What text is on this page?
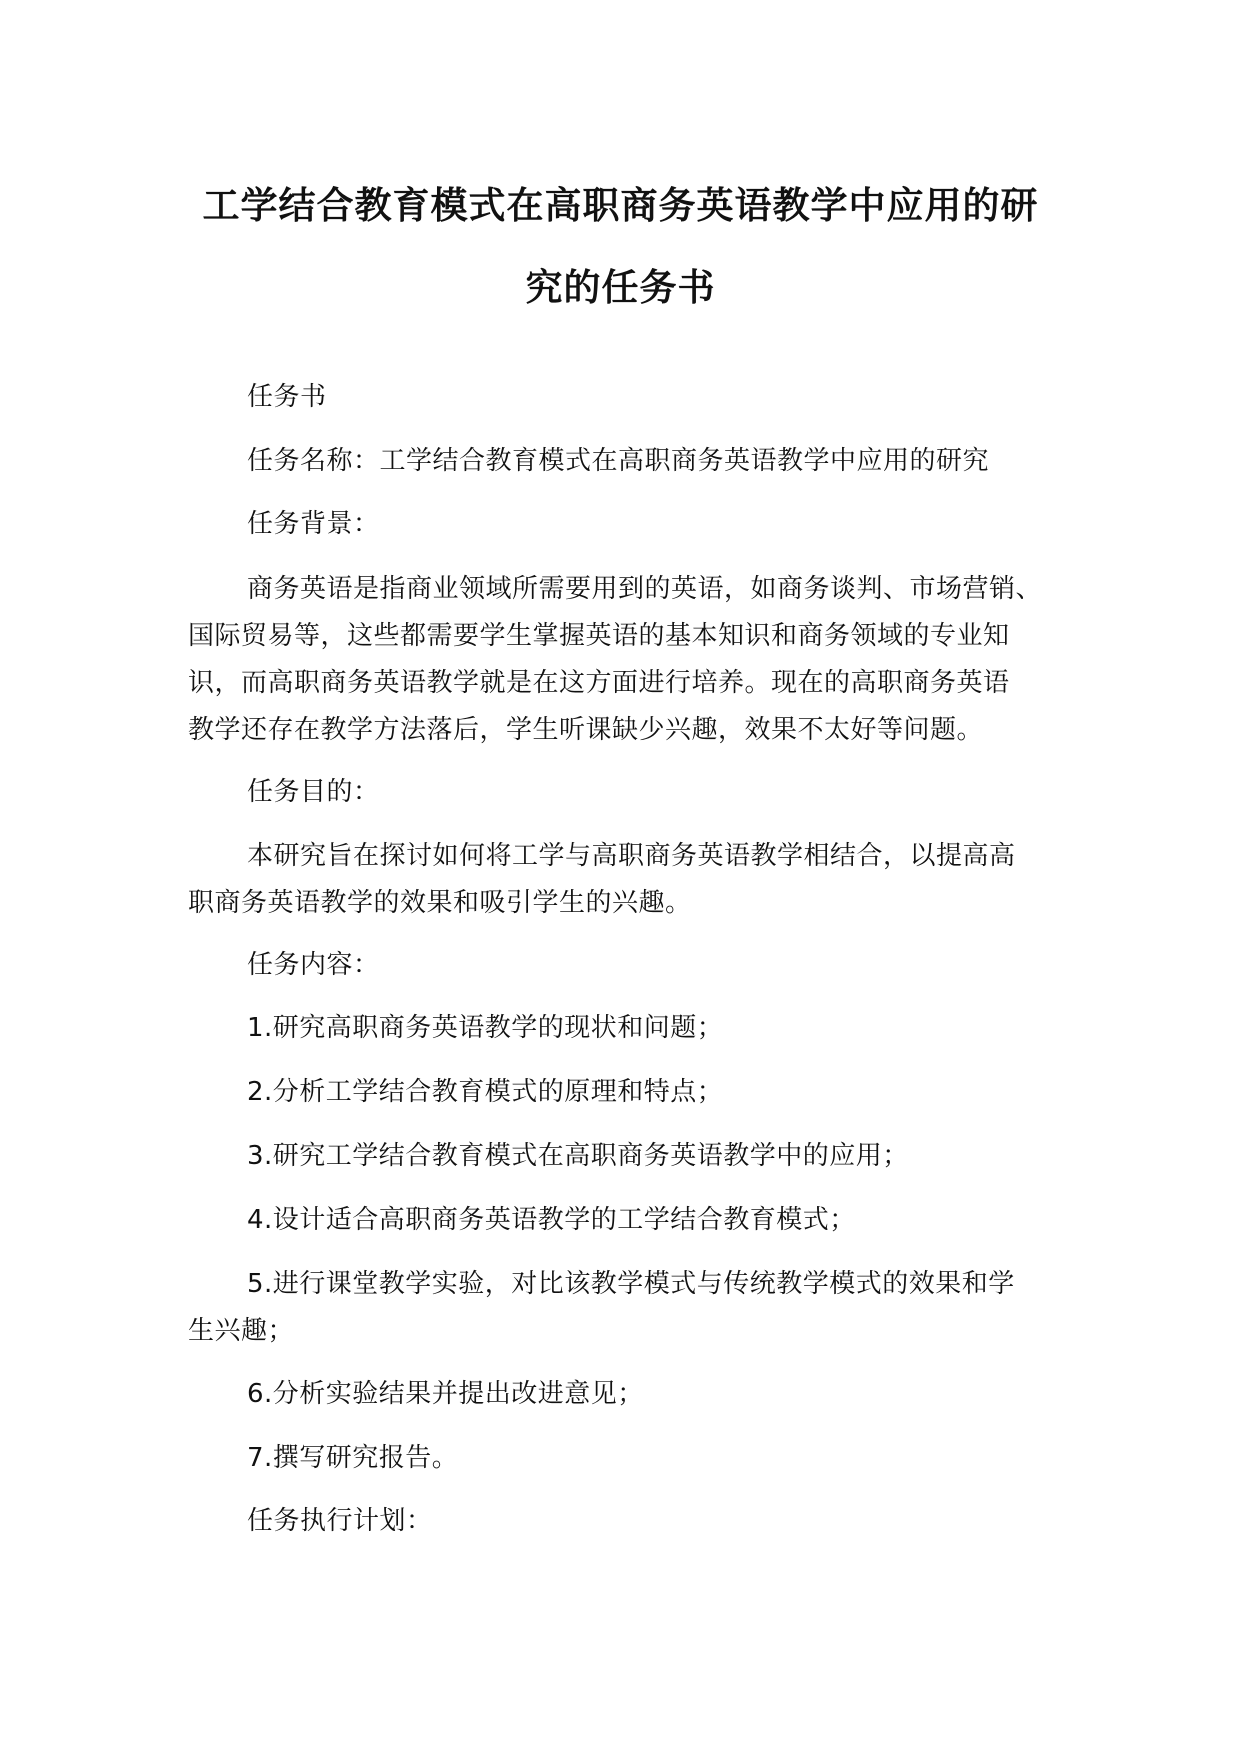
工学结合教育模式在高职商务英语教学中应用的研
究的任务书
任务书
任务名称：工学结合教育模式在高职商务英语教学中应用的研究
任务背景：
商务英语是指商业领域所需要用到的英语，如商务谈判、市场营销、
国际贸易等，这些都需要学生掌握英语的基本知识和商务领域的专业知
识，而高职商务英语教学就是在这方面进行培养。现在的高职商务英语
教学还存在教学方法落后，学生听课缺少兴趣，效果不太好等问题。
任务目的：
本研究旨在探讨如何将工学与高职商务英语教学相结合，以提高高
职商务英语教学的效果和吸引学生的兴趣。
任务内容：
1.研究高职商务英语教学的现状和问题；
2.分析工学结合教育模式的原理和特点；
3.研究工学结合教育模式在高职商务英语教学中的应用；
4.设计适合高职商务英语教学的工学结合教育模式；
5.进行课堂教学实验，对比该教学模式与传统教学模式的效果和学
生兴趣；
6.分析实验结果并提出改进意见；
7.撰写研究报告。
任务执行计划：
